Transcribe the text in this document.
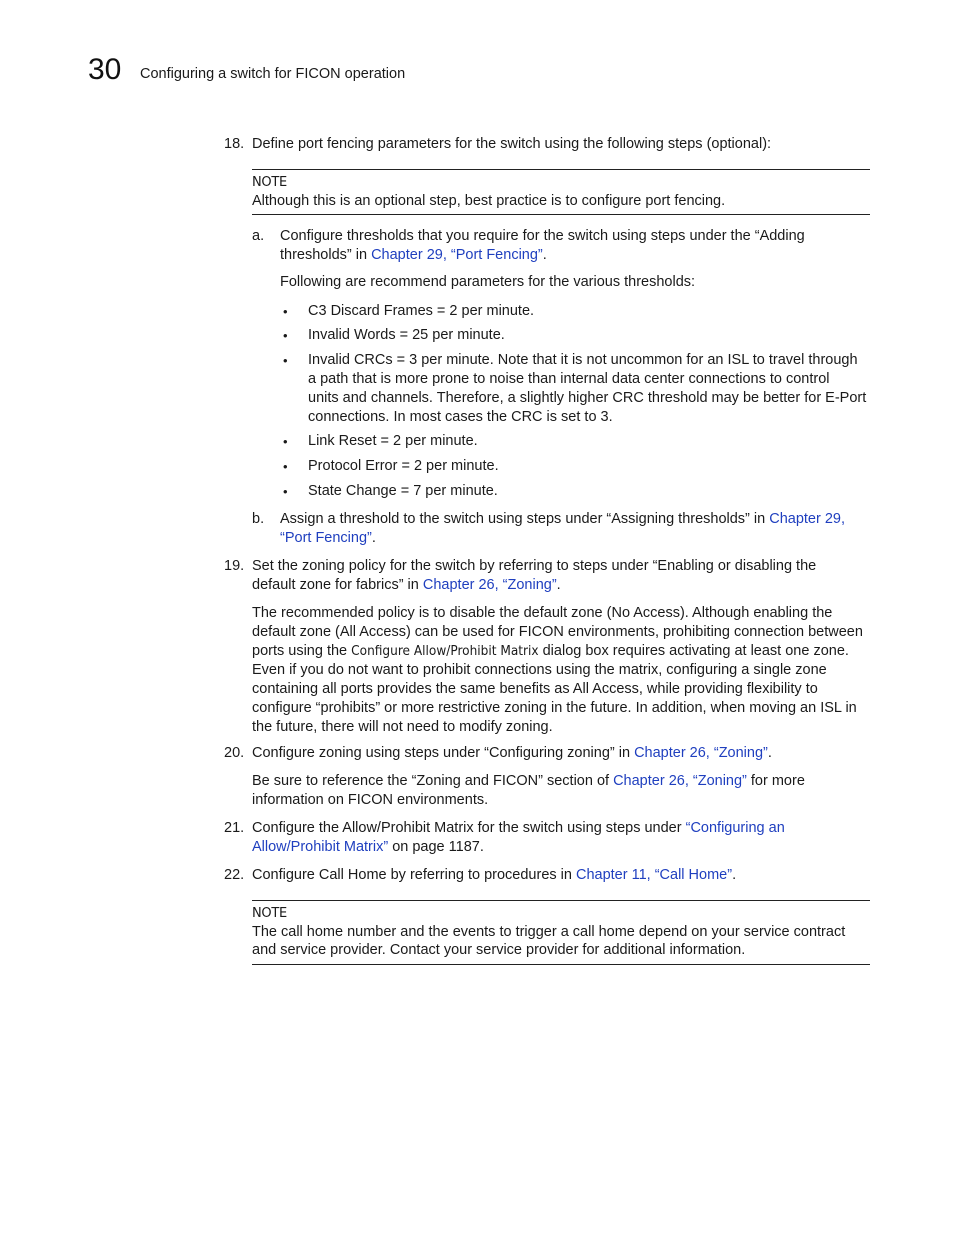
30 Configuring a switch for FICON operation
18. Define port fencing parameters for the switch using the following steps (optional):
NOTE
Although this is an optional step, best practice is to configure port fencing.
a. Configure thresholds that you require for the switch using steps under the “Adding
thresholds” in Chapter 29, “Port Fencing”.
Following are recommend parameters for the various thresholds:
• C3 Discard Frames = 2 per minute.
• Invalid Words = 25 per minute.
• Invalid CRCs = 3 per minute. Note that it is not uncommon for an ISL to travel through
a path that is more prone to noise than internal data center connections to control
units and channels. Therefore, a slightly higher CRC threshold may be better for E-Port
connections. In most cases the CRC is set to 3.
• Link Reset = 2 per minute.
• Protocol Error = 2 per minute.
• State Change = 7 per minute.
b. Assign a threshold to the switch using steps under “Assigning thresholds” in Chapter 29,
“Port Fencing”.
19. Set the zoning policy for the switch by referring to steps under “Enabling or disabling the
default zone for fabrics” in Chapter 26, “Zoning”.
The recommended policy is to disable the default zone (No Access). Although enabling the
default zone (All Access) can be used for FICON environments, prohibiting connection between
ports using the Configure Allow/Prohibit Matrix dialog box requires activating at least one zone.
Even if you do not want to prohibit connections using the matrix, configuring a single zone
containing all ports provides the same benefits as All Access, while providing flexibility to
configure “prohibits” or more restrictive zoning in the future. In addition, when moving an ISL in
the future, there will not need to modify zoning.
20. Configure zoning using steps under “Configuring zoning” in Chapter 26, “Zoning”.
Be sure to reference the “Zoning and FICON” section of Chapter 26, “Zoning” for more
information on FICON environments.
21. Configure the Allow/Prohibit Matrix for the switch using steps under “Configuring an
Allow/Prohibit Matrix” on page 1187.
22. Configure Call Home by referring to procedures in Chapter 11, “Call Home”.
NOTE
The call home number and the events to trigger a call home depend on your service contract
and service provider. Contact your service provider for additional information.
